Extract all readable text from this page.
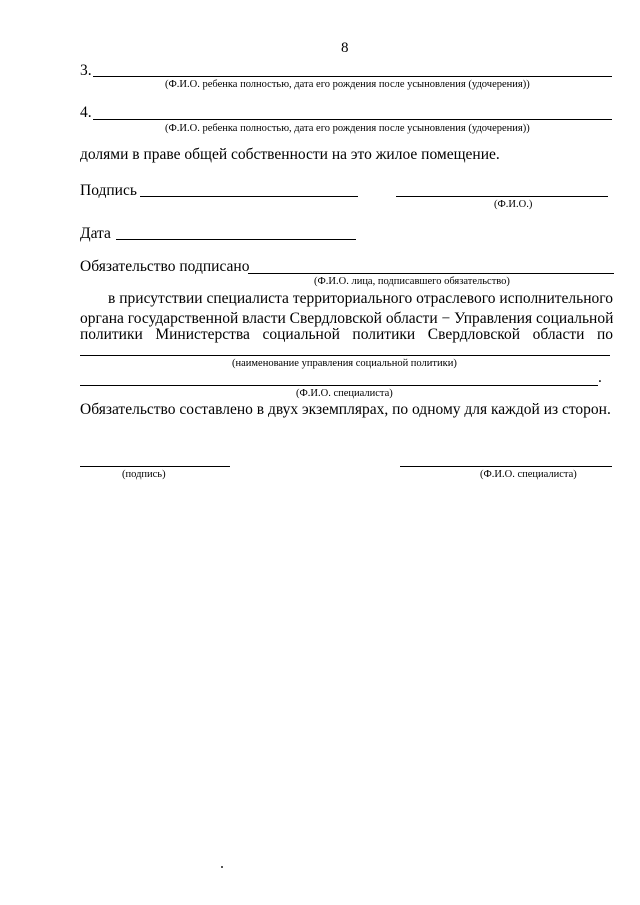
8
3.
(Ф.И.О. ребенка полностью, дата его рождения после усыновления (удочерения))
4.
(Ф.И.О. ребенка полностью, дата его рождения после усыновления (удочерения))
долями в праве общей собственности на это жилое помещение.
Подпись
(Ф.И.О.)
Дата
Обязательство подписано
(Ф.И.О. лица, подписавшего обязательство)
в присутствии специалиста территориального отраслевого исполнительного
органа государственной власти Свердловской области − Управления социальной
политики Министерства социальной политики Свердловской области по
(наименование управления социальной политики)
.
(Ф.И.О. специалиста)
Обязательство составлено в двух экземплярах, по одному для каждой из сторон.
(подпись)	(Ф.И.О. специалиста)
